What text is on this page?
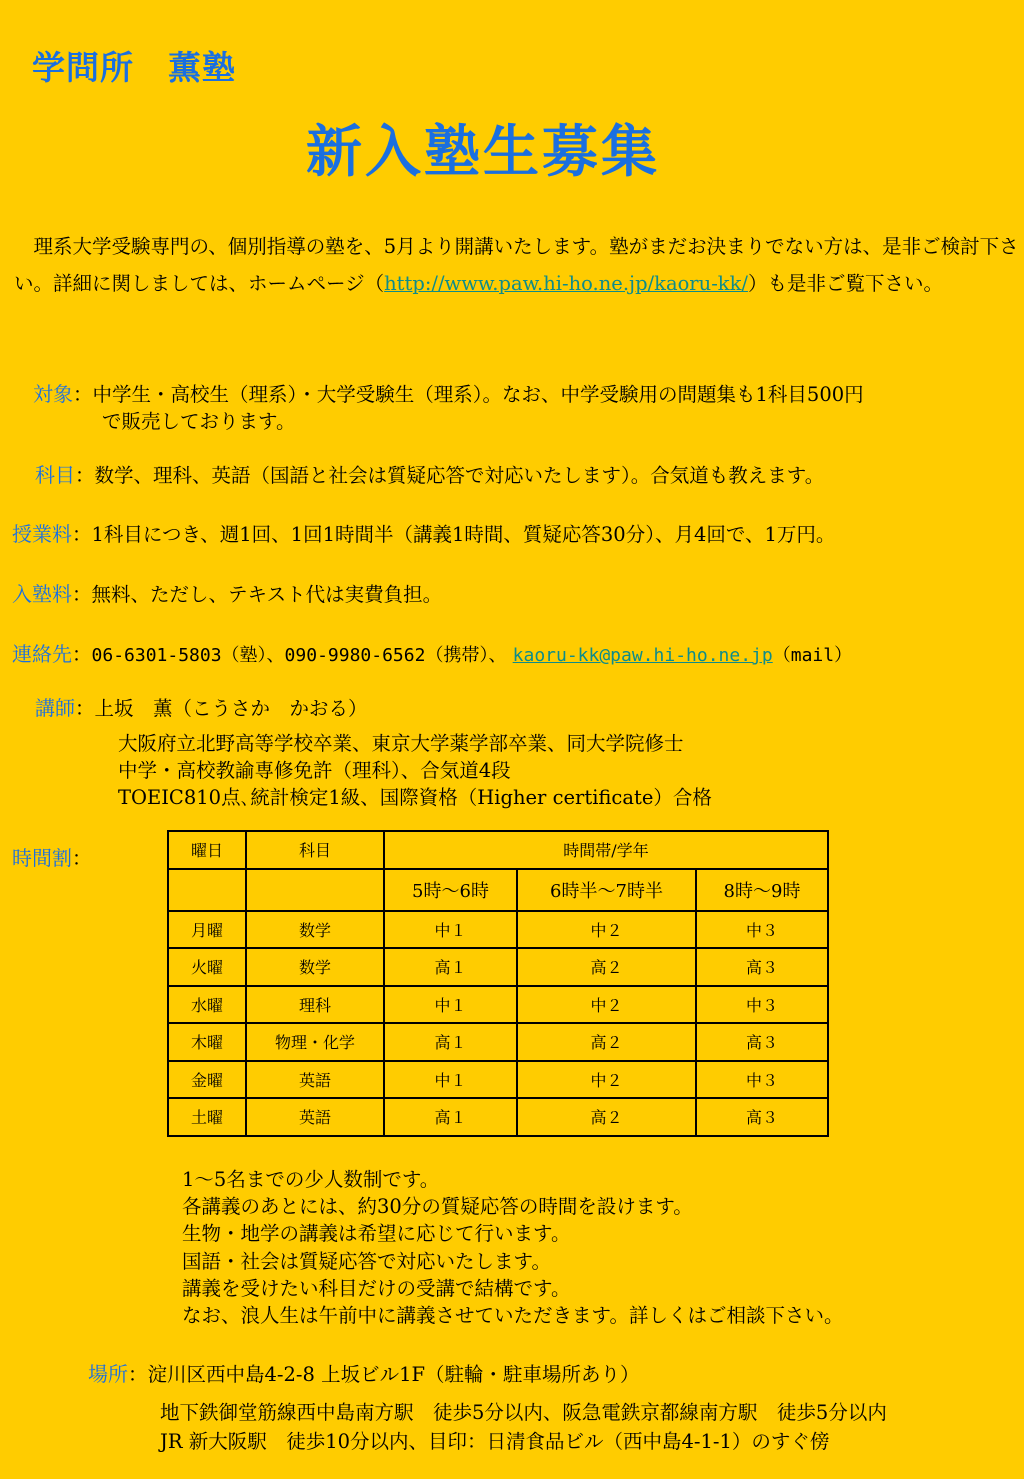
学問所　薫塾
新入塾生募集
　理系大学受験専門の、個別指導の塾を、5月より開講いたします。塾がまだお決まりでない方は、是非ご検討下さい。詳細に関しましては、ホームページ（http://www.paw.hi-ho.ne.jp/kaoru-kk/）も是非ご覧下さい。
対象：中学生・高校生（理系）・大学受験生（理系）。なお、中学受験用の問題集も1科目500円
で販売しております。
科目：数学、理科、英語（国語と社会は質疑応答で対応いたします）。合気道も教えます。
授業料：1科目につき、週1回、1回1時間半（講義1時間、質疑応答30分）、月4回で、1万円。
入塾料：無料、ただし、テキスト代は実費負担。
連絡先：06-6301-5803（塾）、090-9980-6562（携帯）、 kaoru-kk@paw.hi-ho.ne.jp（mail）
講師：上坂　薫（こうさか　かおる）
大阪府立北野高等学校卒業、東京大学薬学部卒業、同大学院修士
中学・高校教諭専修免許（理科）、合気道4段
TOEIC810点､統計検定1級、国際資格（Higher certificate）合格
時間割：	曜日	科目	時間帯/学年		
		5時～6時	6時半～7時半	8時～9時
月曜	数学	中１	中２	中３
火曜	数学	高１	高２	高３
水曜	理科	中１	中２	中３
木曜	物理・化学	高１	高２	高３
金曜	英語	中１	中２	中３
土曜	英語	高１	高２	高３
1～5名までの少人数制です。
各講義のあとには、約30分の質疑応答の時間を設けます。
生物・地学の講義は希望に応じて行います。
国語・社会は質疑応答で対応いたします。
講義を受けたい科目だけの受講で結構です。
なお、浪人生は午前中に講義させていただきます。詳しくはご相談下さい。
場所：淀川区西中島4-2-8 上坂ビル1F（駐輪・駐車場所あり）
地下鉄御堂筋線西中島南方駅　徒歩5分以内、阪急電鉄京都線南方駅　徒歩5分以内
JR 新大阪駅　徒歩10分以内、目印：日清食品ビル（西中島4-1-1）のすぐ傍
